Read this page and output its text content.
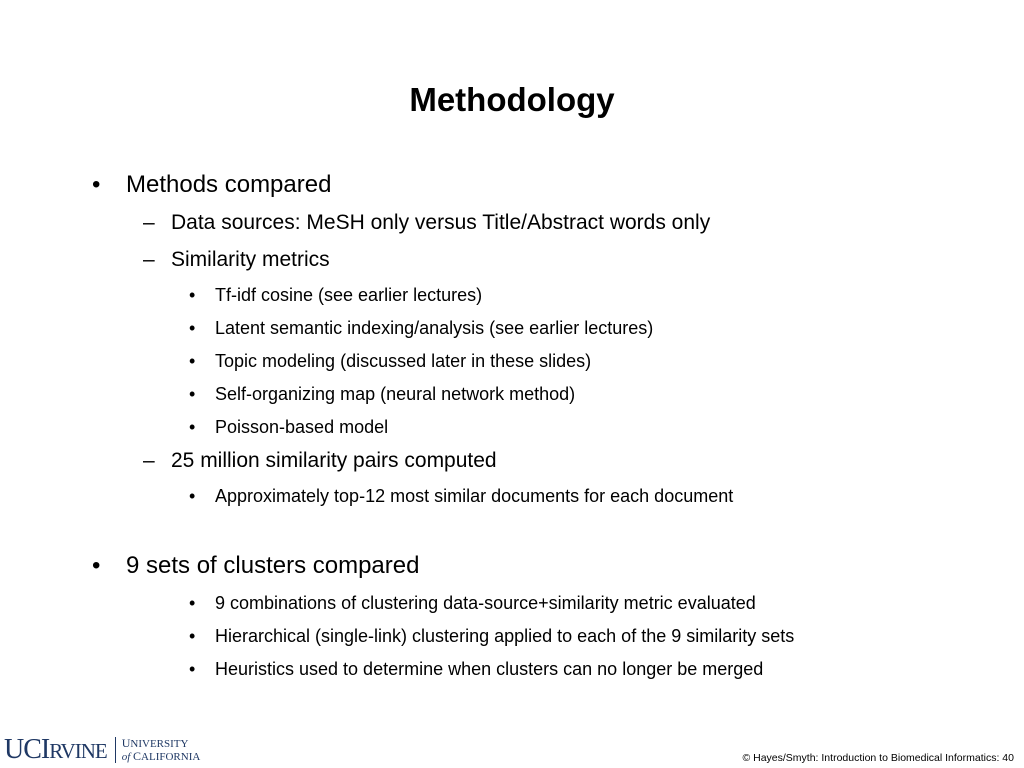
Methodology
• Methods compared
– Data sources: MeSH only versus Title/Abstract words only
– Similarity metrics
• Tf-idf cosine (see earlier lectures)
• Latent semantic indexing/analysis (see earlier lectures)
• Topic modeling (discussed later in these slides)
• Self-organizing map (neural network method)
• Poisson-based model
– 25 million similarity pairs computed
• Approximately top-12 most similar documents for each document
• 9 sets of clusters compared
• 9 combinations of clustering data-source+similarity metric evaluated
• Hierarchical (single-link) clustering applied to each of the 9 similarity sets
• Heuristics used to determine when clusters can no longer be merged
UCIRVINE UNIVERSITY
of CALIFORNIA	© Hayes/Smyth: Introduction to Biomedical Informatics: 40
